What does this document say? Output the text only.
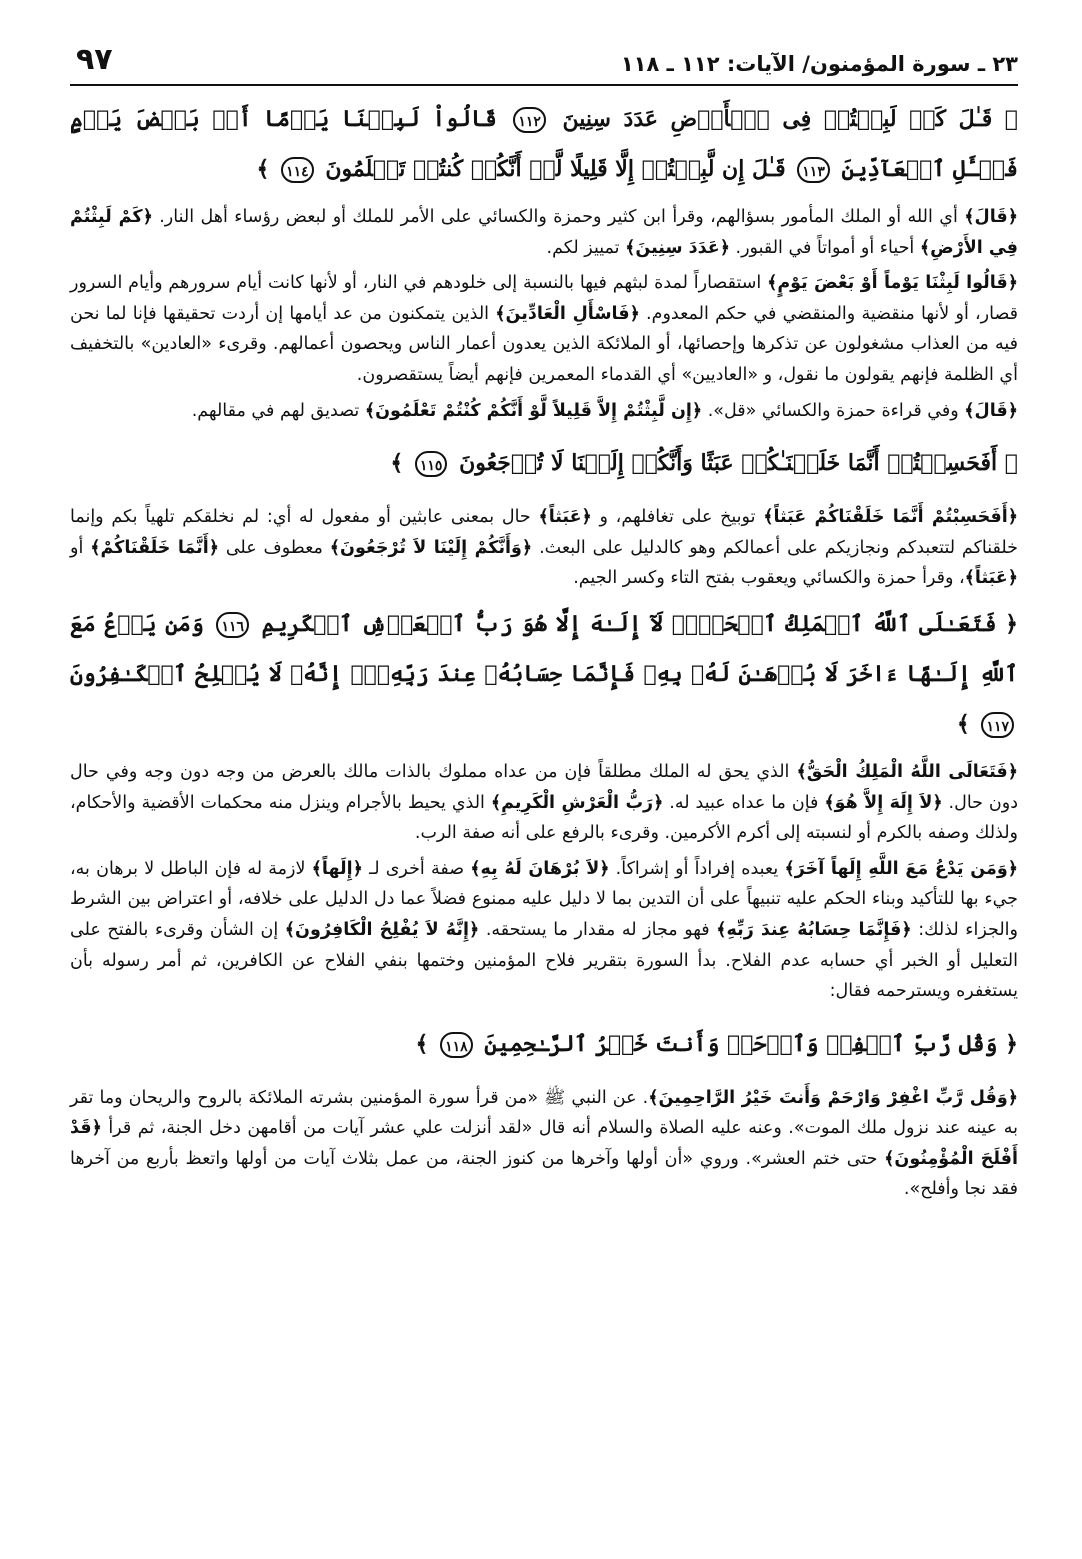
٢٣ ـ سورة المؤمنون/ الآيات: ١١٢ ـ ١١٨
٩٧

﴿ قَـٰلَ كَمۡ لَبِثۡتُمۡ فِى ٱلۡأَرۡضِ عَدَدَ سِنِينَ ١١٢ قَالُواْ لَبِثۡنَا يَوۡمًا أَوۡ بَعۡضَ يَوۡمٍ فَسۡـَٔلِ ٱلۡعَآدِّينَ ١١٣ قَـٰلَ إِن لَّبِثۡتُمۡ إِلَّا قَلِيلًا لَّوۡ أَنَّكُمۡ كُنتُمۡ تَعۡلَمُونَ ١١٤ ﴾

﴿قَالَ﴾ أي الله أو الملك المأمور بسؤالهم، وقرأ ابن كثير وحمزة والكسائي على الأمر للملك أو لبعض رؤساء أهل النار. ﴿كَمْ لَبِثْتُمْ فِي الأَرْضِ﴾ أحياء أو أمواتاً في القبور. ﴿عَدَدَ سِنِينَ﴾ تمييز لكم.

﴿قَالُوا لَبِثْنَا يَوْماً أَوْ بَعْضَ يَوْمٍ﴾ استقصاراً لمدة لبثهم فيها بالنسبة إلى خلودهم في النار، أو لأنها كانت أيام سرورهم وأيام السرور قصار، أو لأنها منقضية والمنقضي في حكم المعدوم. ﴿فَاسْأَلِ الْعَادِّينَ﴾ الذين يتمكنون من عد أيامها إن أردت تحقيقها فإنا لما نحن فيه من العذاب مشغولون عن تذكرها وإحصائها، أو الملائكة الذين يعدون أعمار الناس ويحصون أعمالهم. وقرىء «العادين» بالتخفيف أي الظلمة فإنهم يقولون ما نقول، و «العاديين» أي القدماء المعمرين فإنهم أيضاً يستقصرون.

﴿قَالَ﴾ وفي قراءة حمزة والكسائي «قل». ﴿إِن لَّبِثْتُمْ إِلاَّ قَلِيلاً لَّوْ أَنَّكُمْ كُنْتُمْ تَعْلَمُونَ﴾ تصديق لهم في مقالهم.

﴿ أَفَحَسِبۡتُمۡ أَنَّمَا خَلَقۡنَـٰكُمۡ عَبَثًا وَأَنَّكُمۡ إِلَيۡنَا لَا تُرۡجَعُونَ ١١٥ ﴾

﴿أَفَحَسِبْتُمْ أَنَّمَا خَلَقْنَاكُمْ عَبَثاً﴾ توبيخ على تغافلهم، و ﴿عَبَثاً﴾ حال بمعنى عابثين أو مفعول له أي: لم نخلقكم تلهياً بكم وإنما خلقناكم لتتعبدكم ونجازيكم على أعمالكم وهو كالدليل على البعث. ﴿وَأَنَّكُمْ إِلَيْنَا لاَ تُرْجَعُونَ﴾ معطوف على ﴿أَنَّمَا خَلَقْنَاكُمْ﴾ أو ﴿عَبَثاً﴾، وقرأ حمزة والكسائي ويعقوب بفتح التاء وكسر الجيم.

﴿ فَتَعَـٰلَى ٱللَّهُ ٱلۡمَلِكُ ٱلۡحَقُّۖ لَآ إِلَـٰهَ إِلَّا هُوَ رَبُّ ٱلۡعَرۡشِ ٱلۡكَرِيمِ ١١٦ وَمَن يَدۡعُ مَعَ ٱللَّهِ إِلَـٰهًا ءَاخَرَ لَا بُرۡهَـٰنَ لَهُۥ بِهِۦ فَإِنَّمَا حِسَابُهُۥ عِندَ رَبِّهِۦٓۚ إِنَّهُۥ لَا يُفۡلِحُ ٱلۡكَـٰفِرُونَ ١١٧ ﴾

﴿فَتَعَالَى اللَّهُ الْمَلِكُ الْحَقُّ﴾ الذي يحق له الملك مطلقاً فإن من عداه مملوك بالذات مالك بالعرض من وجه دون وجه وفي حال دون حال. ﴿لاَ إِلَهَ إِلاَّ هُوَ﴾ فإن ما عداه عبيد له. ﴿رَبُّ الْعَرْشِ الْكَرِيمِ﴾ الذي يحيط بالأجرام وينزل منه محكمات الأقضية والأحكام، ولذلك وصفه بالكرم أو لنسبته إلى أكرم الأكرمين. وقرىء بالرفع على أنه صفة الرب.

﴿وَمَن يَدْعُ مَعَ اللَّهِ إِلَهاً آخَرَ﴾ يعبده إفراداً أو إشراكاً. ﴿لاَ بُرْهَانَ لَهُ بِهِ﴾ صفة أخرى لـ ﴿إِلَهاً﴾ لازمة له فإن الباطل لا برهان به، جيء بها للتأكيد وبناء الحكم عليه تنبيهاً على أن التدين بما لا دليل عليه ممنوع فضلاً عما دل الدليل على خلافه، أو اعتراض بين الشرط والجزاء لذلك: ﴿فَإِنَّمَا حِسَابُهُ عِندَ رَبِّهِ﴾ فهو مجاز له مقدار ما يستحقه. ﴿إِنَّهُ لاَ يُفْلِحُ الْكَافِرُونَ﴾ إن الشأن وقرىء بالفتح على التعليل أو الخبر أي حسابه عدم الفلاح. بدأ السورة بتقرير فلاح المؤمنين وختمها بنفي الفلاح عن الكافرين، ثم أمر رسوله بأن يستغفره ويسترحمه فقال:

﴿ وَقُل رَّبِّ ٱغۡفِرۡ وَٱرۡحَمۡ وَأَنتَ خَيۡرُ ٱلرَّـٰحِمِينَ ١١٨ ﴾

﴿وَقُل رَّبِّ اغْفِرْ وَارْحَمْ وَأَنتَ خَيْرُ الرَّاحِمِينَ﴾. عن النبي ﷺ «من قرأ سورة المؤمنين بشرته الملائكة بالروح والريحان وما تقر به عينه عند نزول ملك الموت». وعنه عليه الصلاة والسلام أنه قال «لقد أنزلت علي عشر آيات من أقامهن دخل الجنة، ثم قرأ ﴿قَدْ أَفْلَحَ الْمُؤْمِنُونَ﴾ حتى ختم العشر». وروي «أن أولها وآخرها من كنوز الجنة، من عمل بثلاث آيات من أولها واتعظ بأربع من آخرها فقد نجا وأفلح».
